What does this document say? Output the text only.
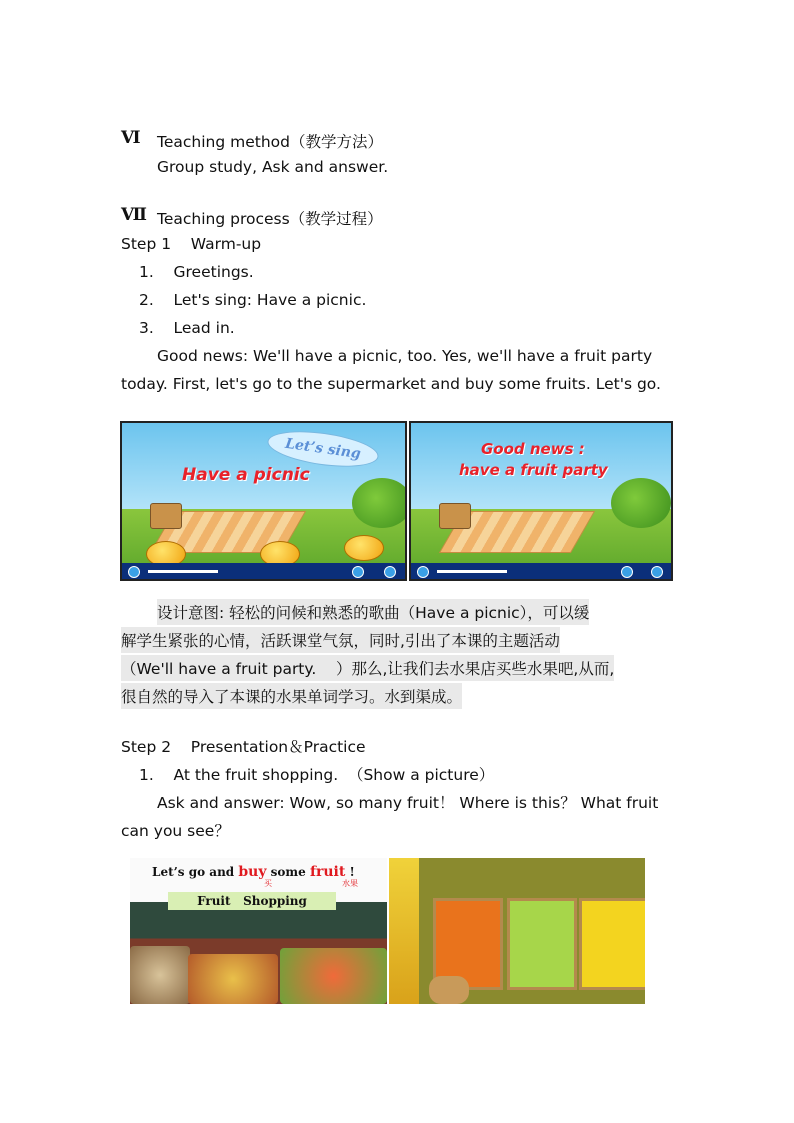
Ⅵ Teaching method（教学方法）
Group study, Ask and answer.
Ⅶ Teaching process（教学过程）
Step 1    Warm-up
1.    Greetings.
2.    Let's sing: Have a picnic.
3.    Lead in.
Good news: We'll have a picnic, too. Yes, we'll have a fruit party
today. First, let's go to the supermarket and buy some fruits. Let's go.
Let’s sing
Have a picnic
Good news :
have a fruit party
设计意图: 轻松的问候和熟悉的歌曲（Have a picnic），可以缓
解学生紧张的心情，活跃课堂气氛，同时,引出了本课的主题活动
（We'll have a fruit party.    ）那么,让我们去水果店买些水果吧,从而,
很自然的导入了本课的水果单词学习。水到渠成。
Step 2    Presentation＆Practice
1.    At the fruit shopping.  （Show a picture）
Ask and answer: Wow, so many fruit！ Where is this？ What fruit
can you see？
Let’s go and buy some fruit !
买	水果
Fruit   Shopping
